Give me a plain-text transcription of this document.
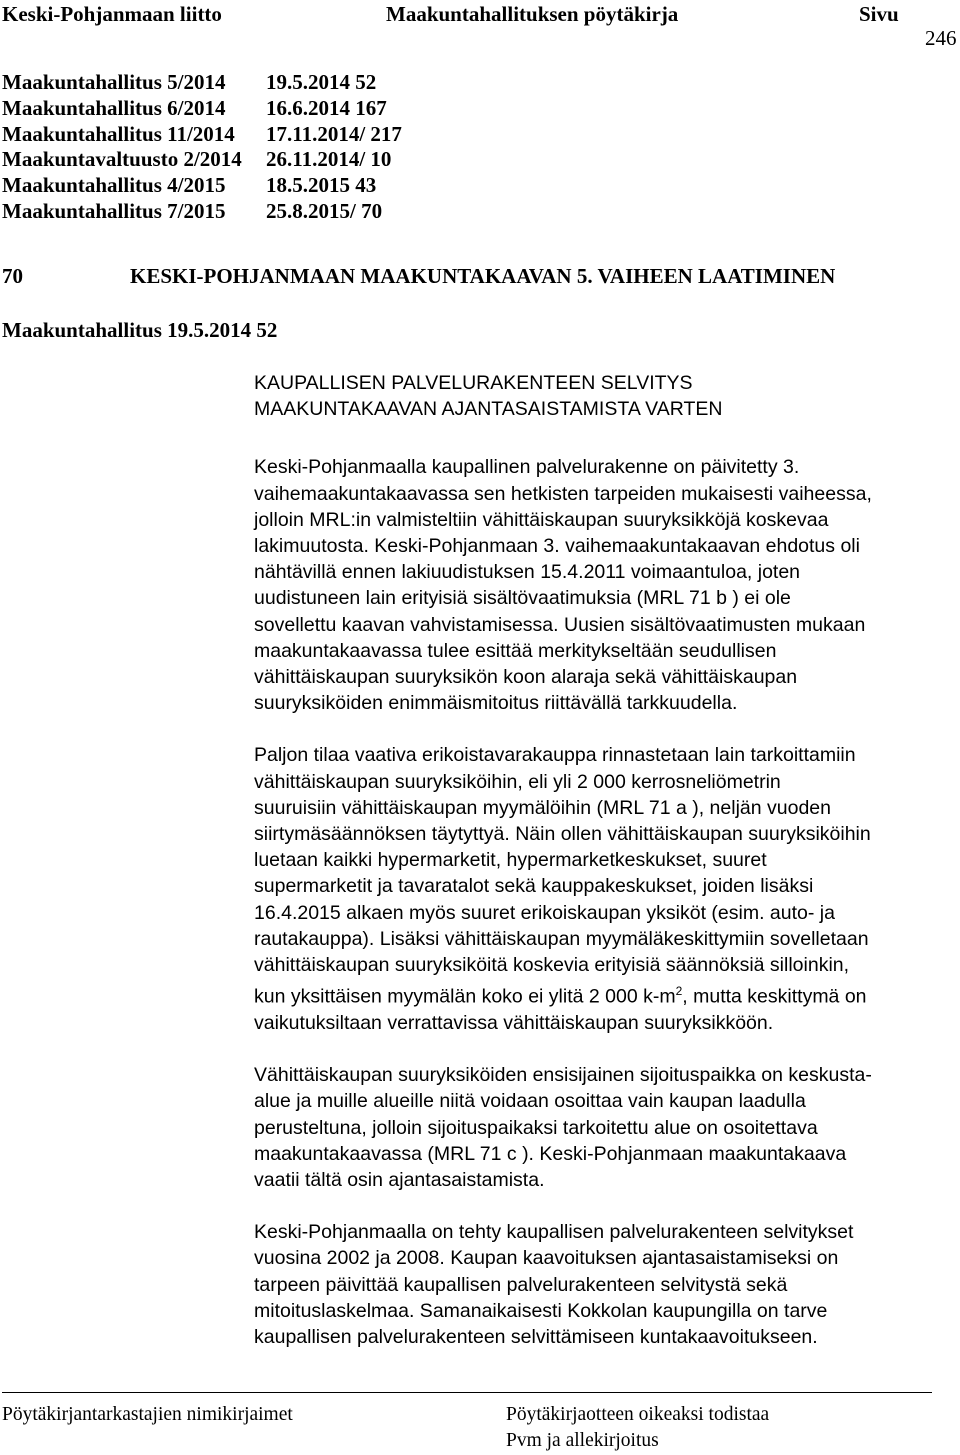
Keski-Pohjanmaan liitto	Maakuntahallituksen pöytäkirja	Sivu
246
Maakuntahallitus 5/2014 19.5.2014 52
Maakuntahallitus 6/2014 16.6.2014 167
Maakuntahallitus 11/2014 17.11.2014/ 217
Maakuntavaltuusto 2/2014 26.11.2014/ 10
Maakuntahallitus 4/2015 18.5.2015 43
Maakuntahallitus 7/2015 25.8.2015/ 70
70	KESKI-POHJANMAAN MAAKUNTAKAAVAN 5. VAIHEEN LAATIMINEN
Maakuntahallitus 19.5.2014 52
KAUPALLISEN PALVELURAKENTEEN SELVITYS
MAAKUNTAKAAVAN AJANTASAISTAMISTA VARTEN

Keski-Pohjanmaalla kaupallinen palvelurakenne on päivitetty 3.
vaihemaakuntakaavassa sen hetkisten tarpeiden mukaisesti vaiheessa,
jolloin MRL:in valmisteltiin vähittäiskaupan suuryksikköjä koskevaa
lakimuutosta. Keski-Pohjanmaan 3. vaihemaakuntakaavan ehdotus oli
nähtävillä ennen lakiuudistuksen 15.4.2011 voimaantuloa, joten
uudistuneen lain erityisiä sisältövaatimuksia (MRL 71 b ) ei ole
sovellettu kaavan vahvistamisessa. Uusien sisältövaatimusten mukaan
maakuntakaavassa tulee esittää merkitykseltään seudullisen
vähittäiskaupan suuryksikön koon alaraja sekä vähittäiskaupan
suuryksiköiden enimmäismitoitus riittävällä tarkkuudella.

Paljon tilaa vaativa erikoistavarakauppa rinnastetaan lain tarkoittamiin
vähittäiskaupan suuryksiköihin, eli yli 2 000 kerrosneliömetrin
suuruisiin vähittäiskaupan myymälöihin (MRL 71 a ), neljän vuoden
siirtymäsäännöksen täytyttyä. Näin ollen vähittäiskaupan suuryksiköihin
luetaan kaikki hypermarketit, hypermarketkeskukset, suuret
supermarketit ja tavaratalot sekä kauppakeskukset, joiden lisäksi
16.4.2015 alkaen myös suuret erikoiskaupan yksiköt (esim. auto- ja
rautakauppa). Lisäksi vähittäiskaupan myymäläkeskittymiin sovelletaan
vähittäiskaupan suuryksiköitä koskevia erityisiä säännöksiä silloinkin,
kun yksittäisen myymälän koko ei ylitä 2 000 $k-m^2$, mutta keskittymä on
vaikutuksiltaan verrattavissa vähittäiskaupan suuryksikköön.

Vähittäiskaupan suuryksiköiden ensisijainen sijoituspaikka on keskusta-
alue ja muille alueille niitä voidaan osoittaa vain kaupan laadulla
perusteltuna, jolloin sijoituspaikaksi tarkoitettu alue on osoitettava
maakuntakaavassa (MRL 71 c ). Keski-Pohjanmaan maakuntakaava
vaatii tältä osin ajantasaistamista.

Keski-Pohjanmaalla on tehty kaupallisen palvelurakenteen selvitykset
vuosina 2002 ja 2008. Kaupan kaavoituksen ajantasaistamiseksi on
tarpeen päivittää kaupallisen palvelurakenteen selvitystä sekä
mitoituslaskelmaa. Samanaikaisesti Kokkolan kaupungilla on tarve
kaupallisen palvelurakenteen selvittämiseen kuntakaavoitukseen.

Pöytäkirjantarkastajien nimikirjaimet	Pöytäkirjaotteen oikeaksi todistaa
Pvm ja allekirjoitus
